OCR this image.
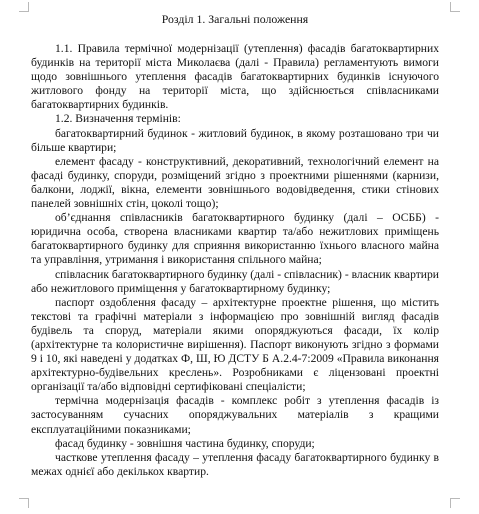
Розділ 1. Загальні положення

1.1. Правила термічної модернізації (утеплення) фасадів багатоквартирних будинків на території міста Миколаєва (далі - Правила) регламентують вимоги щодо зовнішнього утеплення фасадів багатоквартирних будинків існуючого житлового фонду на території міста, що здійснюється співласниками багатоквартирних будинків.

1.2. Визначення термінів:

багатоквартирний будинок - житловий будинок, в якому розташовано три чи більше квартири;

елемент фасаду - конструктивний, декоративний, технологічний елемент на фасаді будинку, споруди, розміщений згідно з проектними рішеннями (карнизи, балкони, лоджії, вікна, елементи зовнішнього водовідведення, стики стінових панелей зовнішніх стін, цоколі тощо);

об’єднання співласників багатоквартирного будинку (далі – ОСББ) - юридична особа, створена власниками квартир та/або нежитлових приміщень багатоквартирного будинку для сприяння використанню їхнього власного майна та управління, утримання і використання спільного майна;

співласник багатоквартирного будинку (далі - співласник) - власник квартири або нежитлового приміщення у багатоквартирному будинку;

паспорт оздоблення фасаду – архітектурне проектне рішення, що містить текстові та графічні матеріали з інформацією про зовнішній вигляд фасадів будівель та споруд, матеріали якими опоряджуються фасади, їх колір (архітектурне та колористичне вирішення). Паспорт виконують згідно з формами 9 і 10, які наведені у додатках Ф, Ш, Ю ДСТУ Б А.2.4-7:2009 «Правила виконання архітектурно-будівельних креслень». Розробниками є ліцензовані проектні організації та/або відповідні сертифіковані спеціалісти;

термічна модернізація фасадів - комплекс робіт з утеплення фасадів із застосуванням сучасних опоряджувальних матеріалів з кращими експлуатаційними показниками;

фасад будинку - зовнішня частина будинку, споруди;

часткове утеплення фасаду – утеплення фасаду багатоквартирного будинку в межах однієї або декількох квартир.
